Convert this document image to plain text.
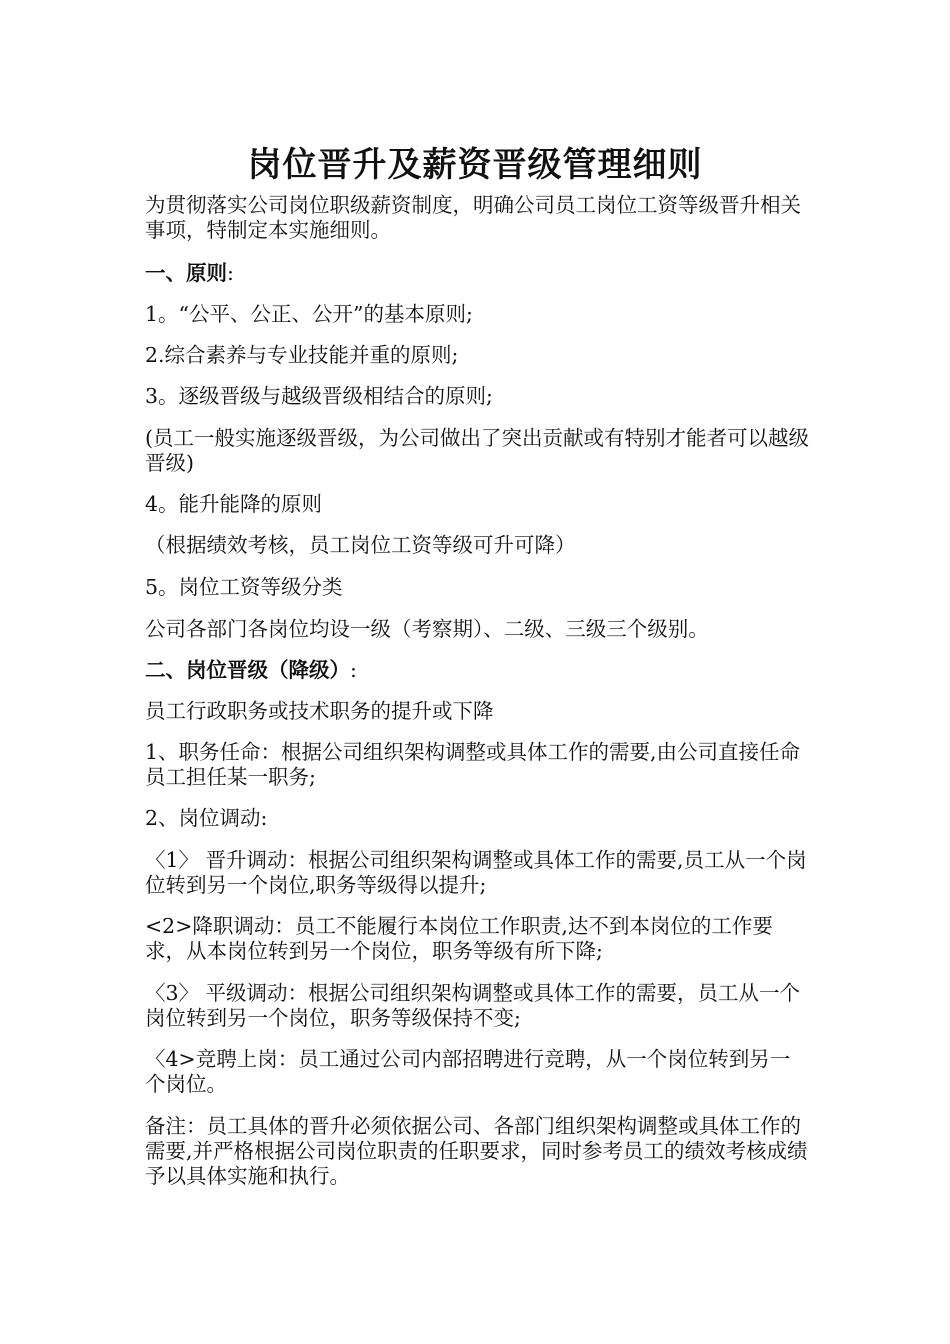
岗位晋升及薪资晋级管理细则

为贯彻落实公司岗位职级薪资制度，明确公司员工岗位工资等级晋升相关事项，特制定本实施细则。

一、原则:

1。“公平、公正、公开”的基本原则;

2.综合素养与专业技能并重的原则;

3。逐级晋级与越级晋级相结合的原则;

(员工一般实施逐级晋级，为公司做出了突出贡献或有特别才能者可以越级晋级)

4。能升能降的原则

（根据绩效考核，员工岗位工资等级可升可降）

5。岗位工资等级分类

公司各部门各岗位均设一级（考察期）、二级、三级三个级别。

二、岗位晋级（降级）:

员工行政职务或技术职务的提升或下降

1、职务任命：根据公司组织架构调整或具体工作的需要,由公司直接任命员工担任某一职务;

2、岗位调动:

〈1〉 晋升调动：根据公司组织架构调整或具体工作的需要,员工从一个岗位转到另一个岗位,职务等级得以提升;

<2>降职调动：员工不能履行本岗位工作职责,达不到本岗位的工作要求，从本岗位转到另一个岗位，职务等级有所下降;

〈3〉 平级调动：根据公司组织架构调整或具体工作的需要，员工从一个岗位转到另一个岗位，职务等级保持不变;

〈4>竞聘上岗：员工通过公司内部招聘进行竞聘，从一个岗位转到另一个岗位。

备注：员工具体的晋升必须依据公司、各部门组织架构调整或具体工作的需要,并严格根据公司岗位职责的任职要求，同时参考员工的绩效考核成绩予以具体实施和执行。
